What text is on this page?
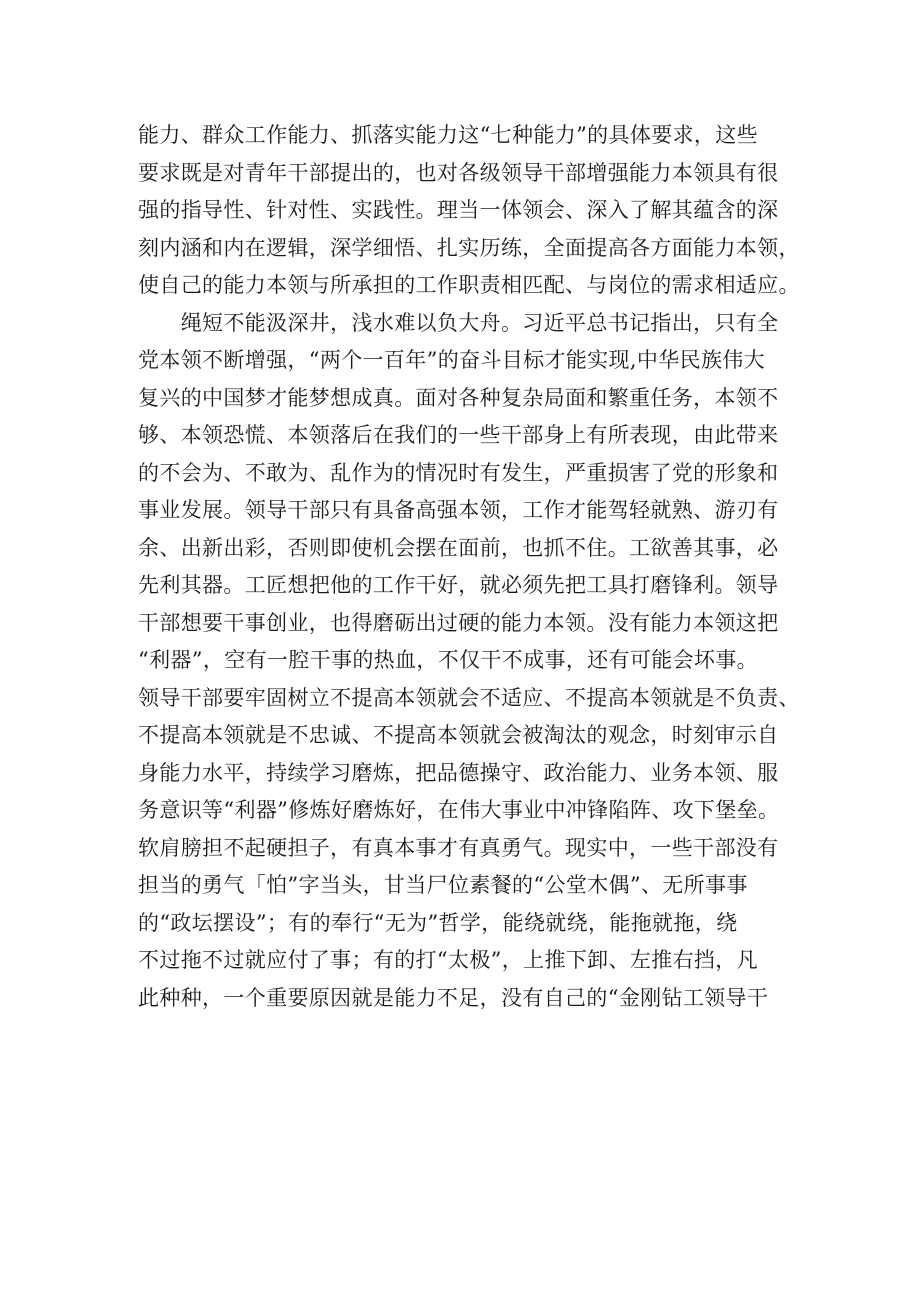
能力、群众工作能力、抓落实能力这“七种能力”的具体要求，这些
要求既是对青年干部提出的，也对各级领导干部增强能力本领具有很
强的指导性、针对性、实践性。理当一体领会、深入了解其蕴含的深
刻内涵和内在逻辑，深学细悟、扎实历练，全面提高各方面能力本领，
使自己的能力本领与所承担的工作职责相匹配、与岗位的需求相适应。
　　绳短不能汲深井，浅水难以负大舟。习近平总书记指出，只有全
党本领不断增强，“两个一百年”的奋斗目标才能实现,中华民族伟大
复兴的中国梦才能梦想成真。面对各种复杂局面和繁重任务，本领不
够、本领恐慌、本领落后在我们的一些干部身上有所表现，由此带来
的不会为、不敢为、乱作为的情况时有发生，严重损害了党的形象和
事业发展。领导干部只有具备高强本领，工作才能驾轻就熟、游刃有
余、出新出彩，否则即使机会摆在面前，也抓不住。工欲善其事，必
先利其器。工匠想把他的工作干好，就必须先把工具打磨锋利。领导
干部想要干事创业，也得磨砺出过硬的能力本领。没有能力本领这把
“利器”，空有一腔干事的热血，不仅干不成事，还有可能会坏事。
领导干部要牢固树立不提高本领就会不适应、不提高本领就是不负责、
不提高本领就是不忠诚、不提高本领就会被淘汰的观念，时刻审示自
身能力水平，持续学习磨炼，把品德操守、政治能力、业务本领、服
务意识等“利器”修炼好磨炼好，在伟大事业中冲锋陷阵、攻下堡垒。
软肩膀担不起硬担子，有真本事才有真勇气。现实中，一些干部没有
担当的勇气「怕”字当头，甘当尸位素餐的“公堂木偶”、无所事事
的“政坛摆设”；有的奉行“无为”哲学，能绕就绕，能拖就拖，绕
不过拖不过就应付了事；有的打“太极”，上推下卸、左推右挡，凡
此种种，一个重要原因就是能力不足，没有自己的“金刚钻工领导干
